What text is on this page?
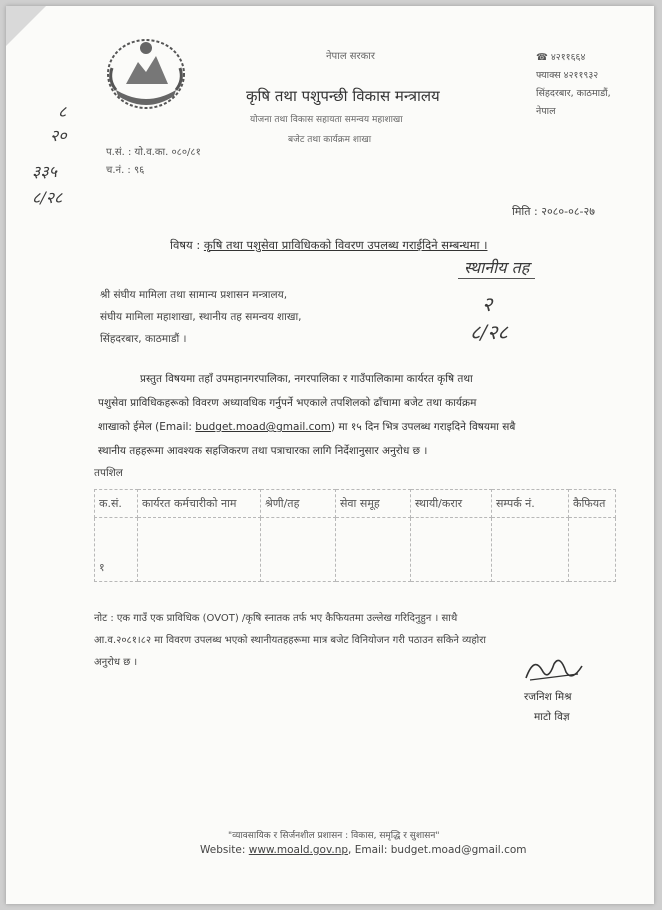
नेपाल सरकार
कृषि तथा पशुपन्छी विकास मन्त्रालय
योजना तथा विकास सहायता समन्वय महाशाखा
बजेट तथा कार्यक्रम शाखा
☎ ४२११६६४
फ्याक्स ४२११९३२
सिंहदरबार, काठमाडौं,
नेपाल
८
२०
३३५
८/२८
प.सं. : यो.व.का. ०८०/८१
च.नं. : ९६
मिति : २०८०-०८-२७
विषय : कृषि तथा पशुसेवा प्राविधिकको विवरण उपलब्ध गराईदिने सम्बन्धमा ।
स्थानीय तह
२
८/२८
श्री संघीय मामिला तथा सामान्य प्रशासन मन्त्रालय,
संघीय मामिला महाशाखा, स्थानीय तह समन्वय शाखा,
सिंहदरबार, काठमाडौं ।
प्रस्तुत विषयमा तहाँ उपमहानगरपालिका, नगरपालिका र गाउँपालिकामा कार्यरत कृषि तथा
पशुसेवा प्राविधिकहरूको विवरण अध्यावधिक गर्नुपर्ने भएकाले तपशिलको ढाँचामा बजेट तथा कार्यक्रम
शाखाको ईमेल (Email: budget.moad@gmail.com) मा १५ दिन भित्र उपलब्ध गराइदिने विषयमा सबै
स्थानीय तहहरूमा आवश्यक सहजिकरण तथा पत्राचारका लागि निर्देशानुसार अनुरोध छ ।
तपशिल
क.सं.	कार्यरत कर्मचारीको नाम	श्रेणी/तह	सेवा समूह	स्थायी/करार	सम्पर्क नं.	कैफियत
१						
नोट : एक गाउँ एक प्राविधिक (OVOT) /कृषि स्नातक तर्फ भए कैफियतमा उल्लेख गरिदिनुहुन । साथै
आ.व.२०८१।८२ मा विवरण उपलब्ध भएको स्थानीयतहहरूमा मात्र बजेट विनियोजन गरी पठाउन सकिने व्यहोरा
अनुरोध छ ।
रजनिश मिश्र
माटो विज्ञ
"व्यावसायिक र सिर्जनशील प्रशासन : विकास, समृद्धि र सुशासन"
Website: www.moald.gov.np, Email: budget.moad@gmail.com
